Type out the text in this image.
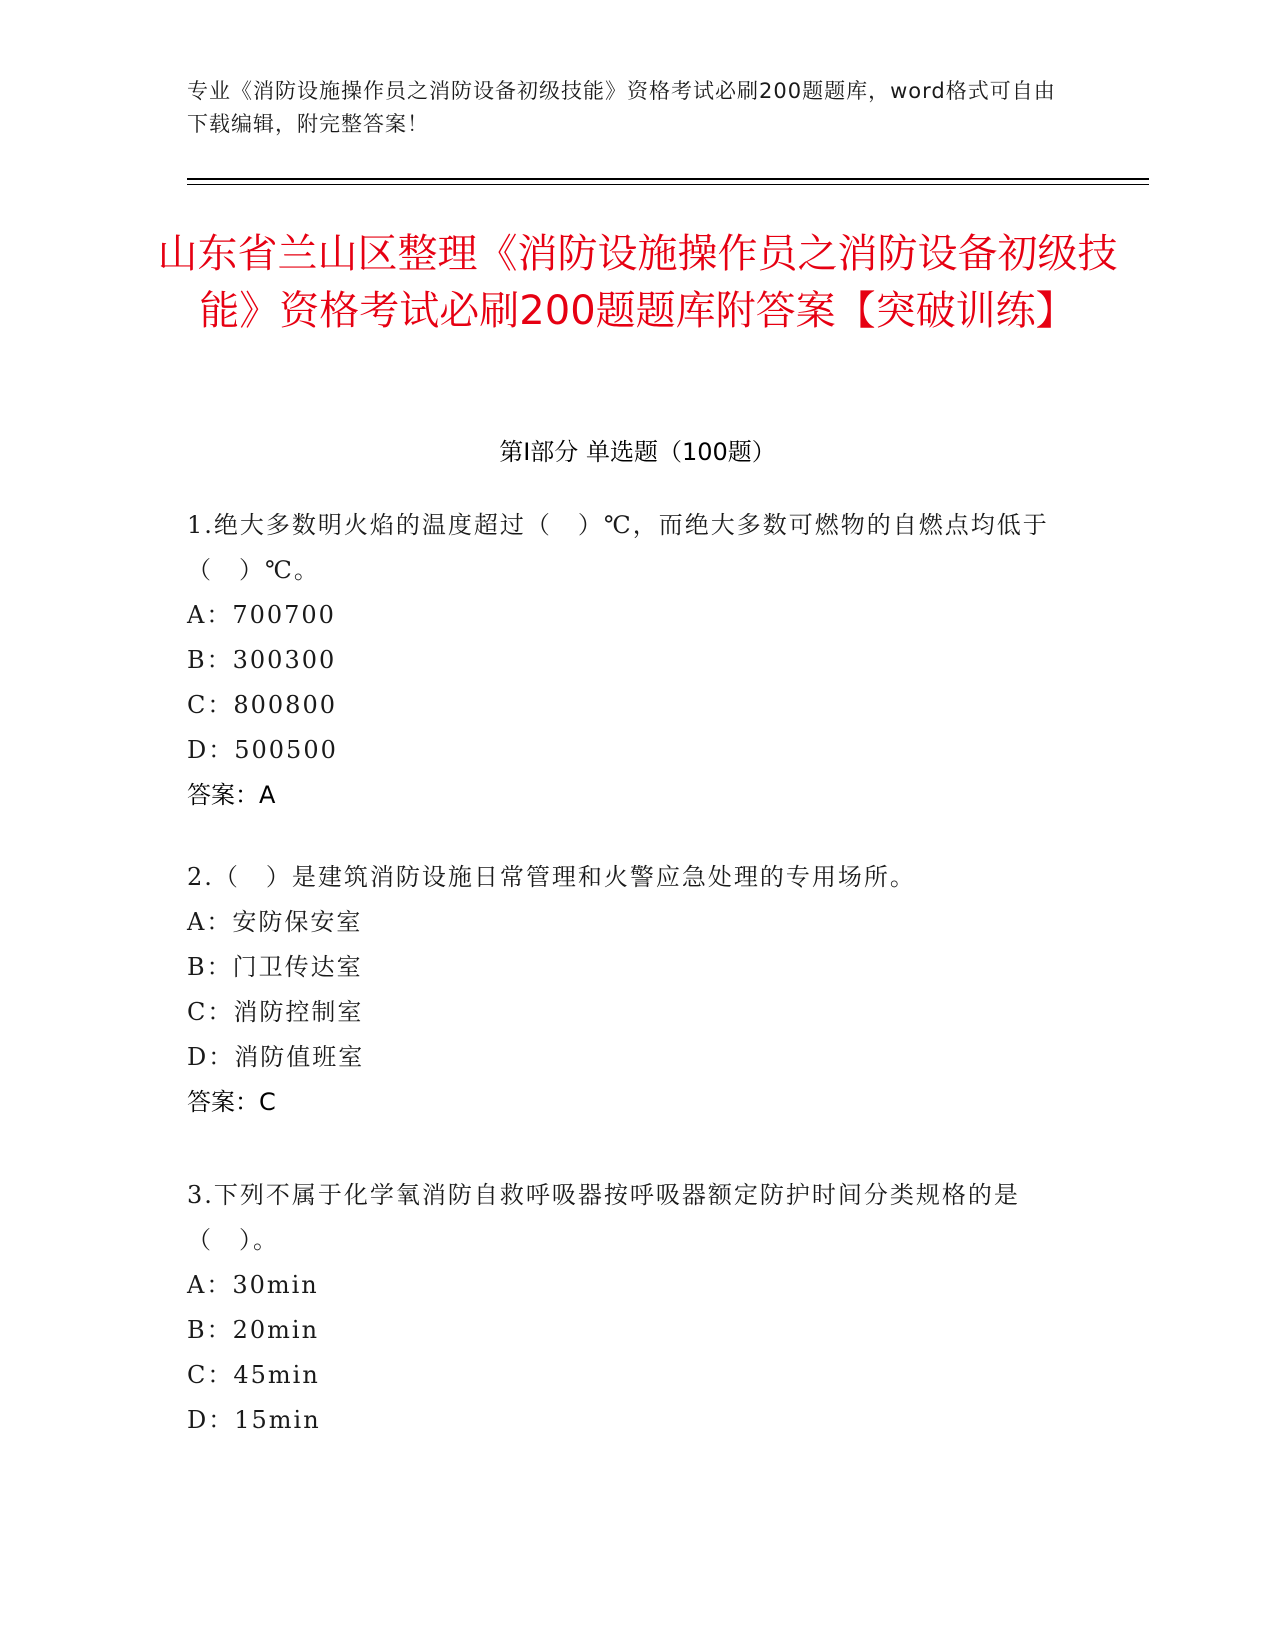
专业《消防设施操作员之消防设备初级技能》资格考试必刷200题题库，word格式可自由下载编辑，附完整答案！
山东省兰山区整理《消防设施操作员之消防设备初级技能》资格考试必刷200题题库附答案【突破训练】
第I部分 单选题（100题）
1.绝大多数明火焰的温度超过（　）℃，而绝大多数可燃物的自燃点均低于（　）℃。
A：700700
B：300300
C：800800
D：500500
答案：A
2.（　）是建筑消防设施日常管理和火警应急处理的专用场所。
A：安防保安室
B：门卫传达室
C：消防控制室
D：消防值班室
答案：C
3.下列不属于化学氧消防自救呼吸器按呼吸器额定防护时间分类规格的是（　）。
A：30min
B：20min
C：45min
D：15min
